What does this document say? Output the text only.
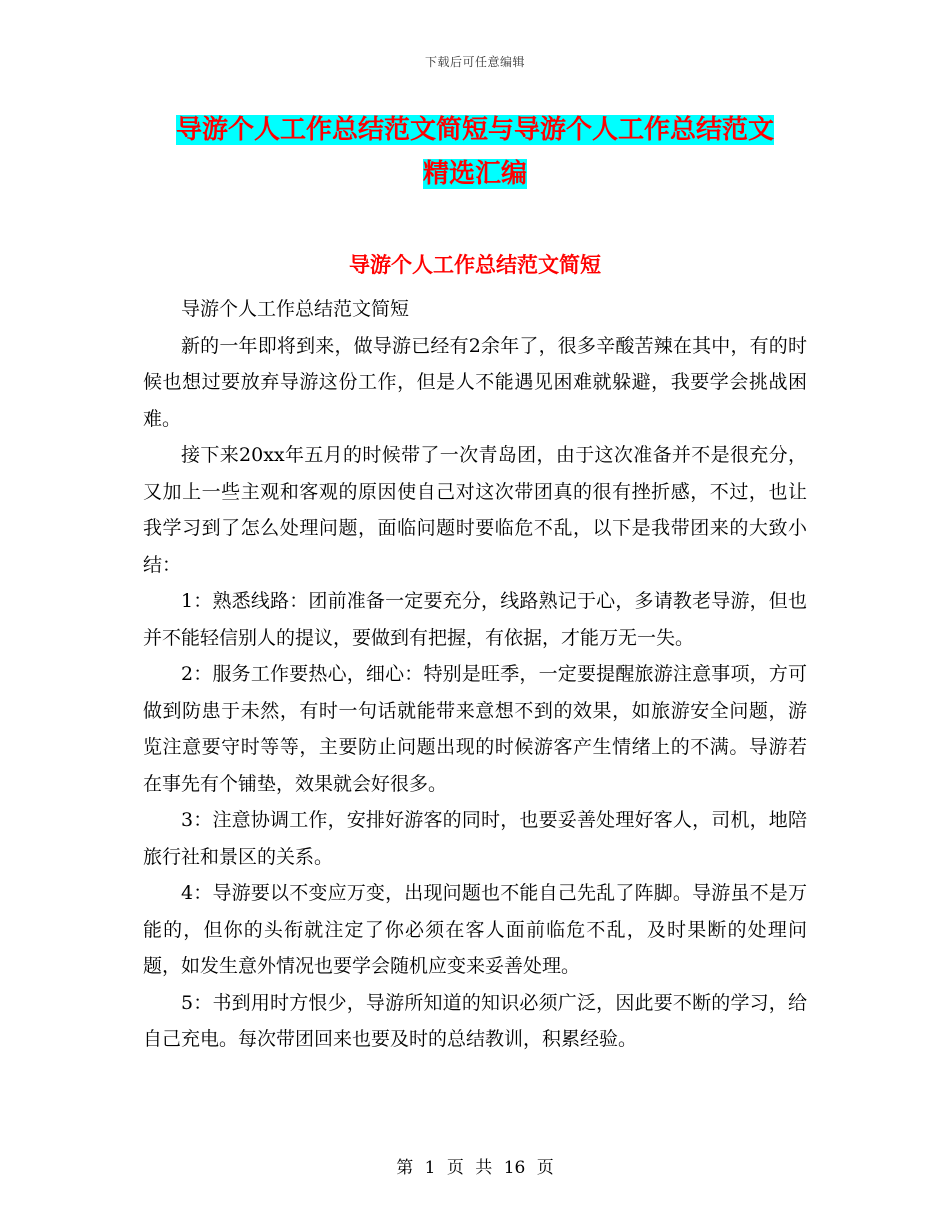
下载后可任意编辑
导游个人工作总结范文简短与导游个人工作总结范文
精选汇编
导游个人工作总结范文简短

导游个人工作总结范文简短

新的一年即将到来，做导游已经有2余年了，很多辛酸苦辣在其中，有的时候也想过要放弃导游这份工作，但是人不能遇见困难就躲避，我要学会挑战困难。

接下来20xx年五月的时候带了一次青岛团，由于这次准备并不是很充分，又加上一些主观和客观的原因使自己对这次带团真的很有挫折感，不过，也让我学习到了怎么处理问题，面临问题时要临危不乱，以下是我带团来的大致小结：

1：熟悉线路：团前准备一定要充分，线路熟记于心，多请教老导游，但也并不能轻信别人的提议，要做到有把握，有依据，才能万无一失。

2：服务工作要热心，细心：特别是旺季，一定要提醒旅游注意事项，方可做到防患于未然，有时一句话就能带来意想不到的效果，如旅游安全问题，游览注意要守时等等，主要防止问题出现的时候游客产生情绪上的不满。导游若在事先有个铺垫，效果就会好很多。

3：注意协调工作，安排好游客的同时，也要妥善处理好客人，司机，地陪旅行社和景区的关系。

4：导游要以不变应万变，出现问题也不能自己先乱了阵脚。导游虽不是万能的，但你的头衔就注定了你必须在客人面前临危不乱，及时果断的处理问题，如发生意外情况也要学会随机应变来妥善处理。

5：书到用时方恨少，导游所知道的知识必须广泛，因此要不断的学习，给自己充电。每次带团回来也要及时的总结教训，积累经验。

第 1 页 共 16 页
